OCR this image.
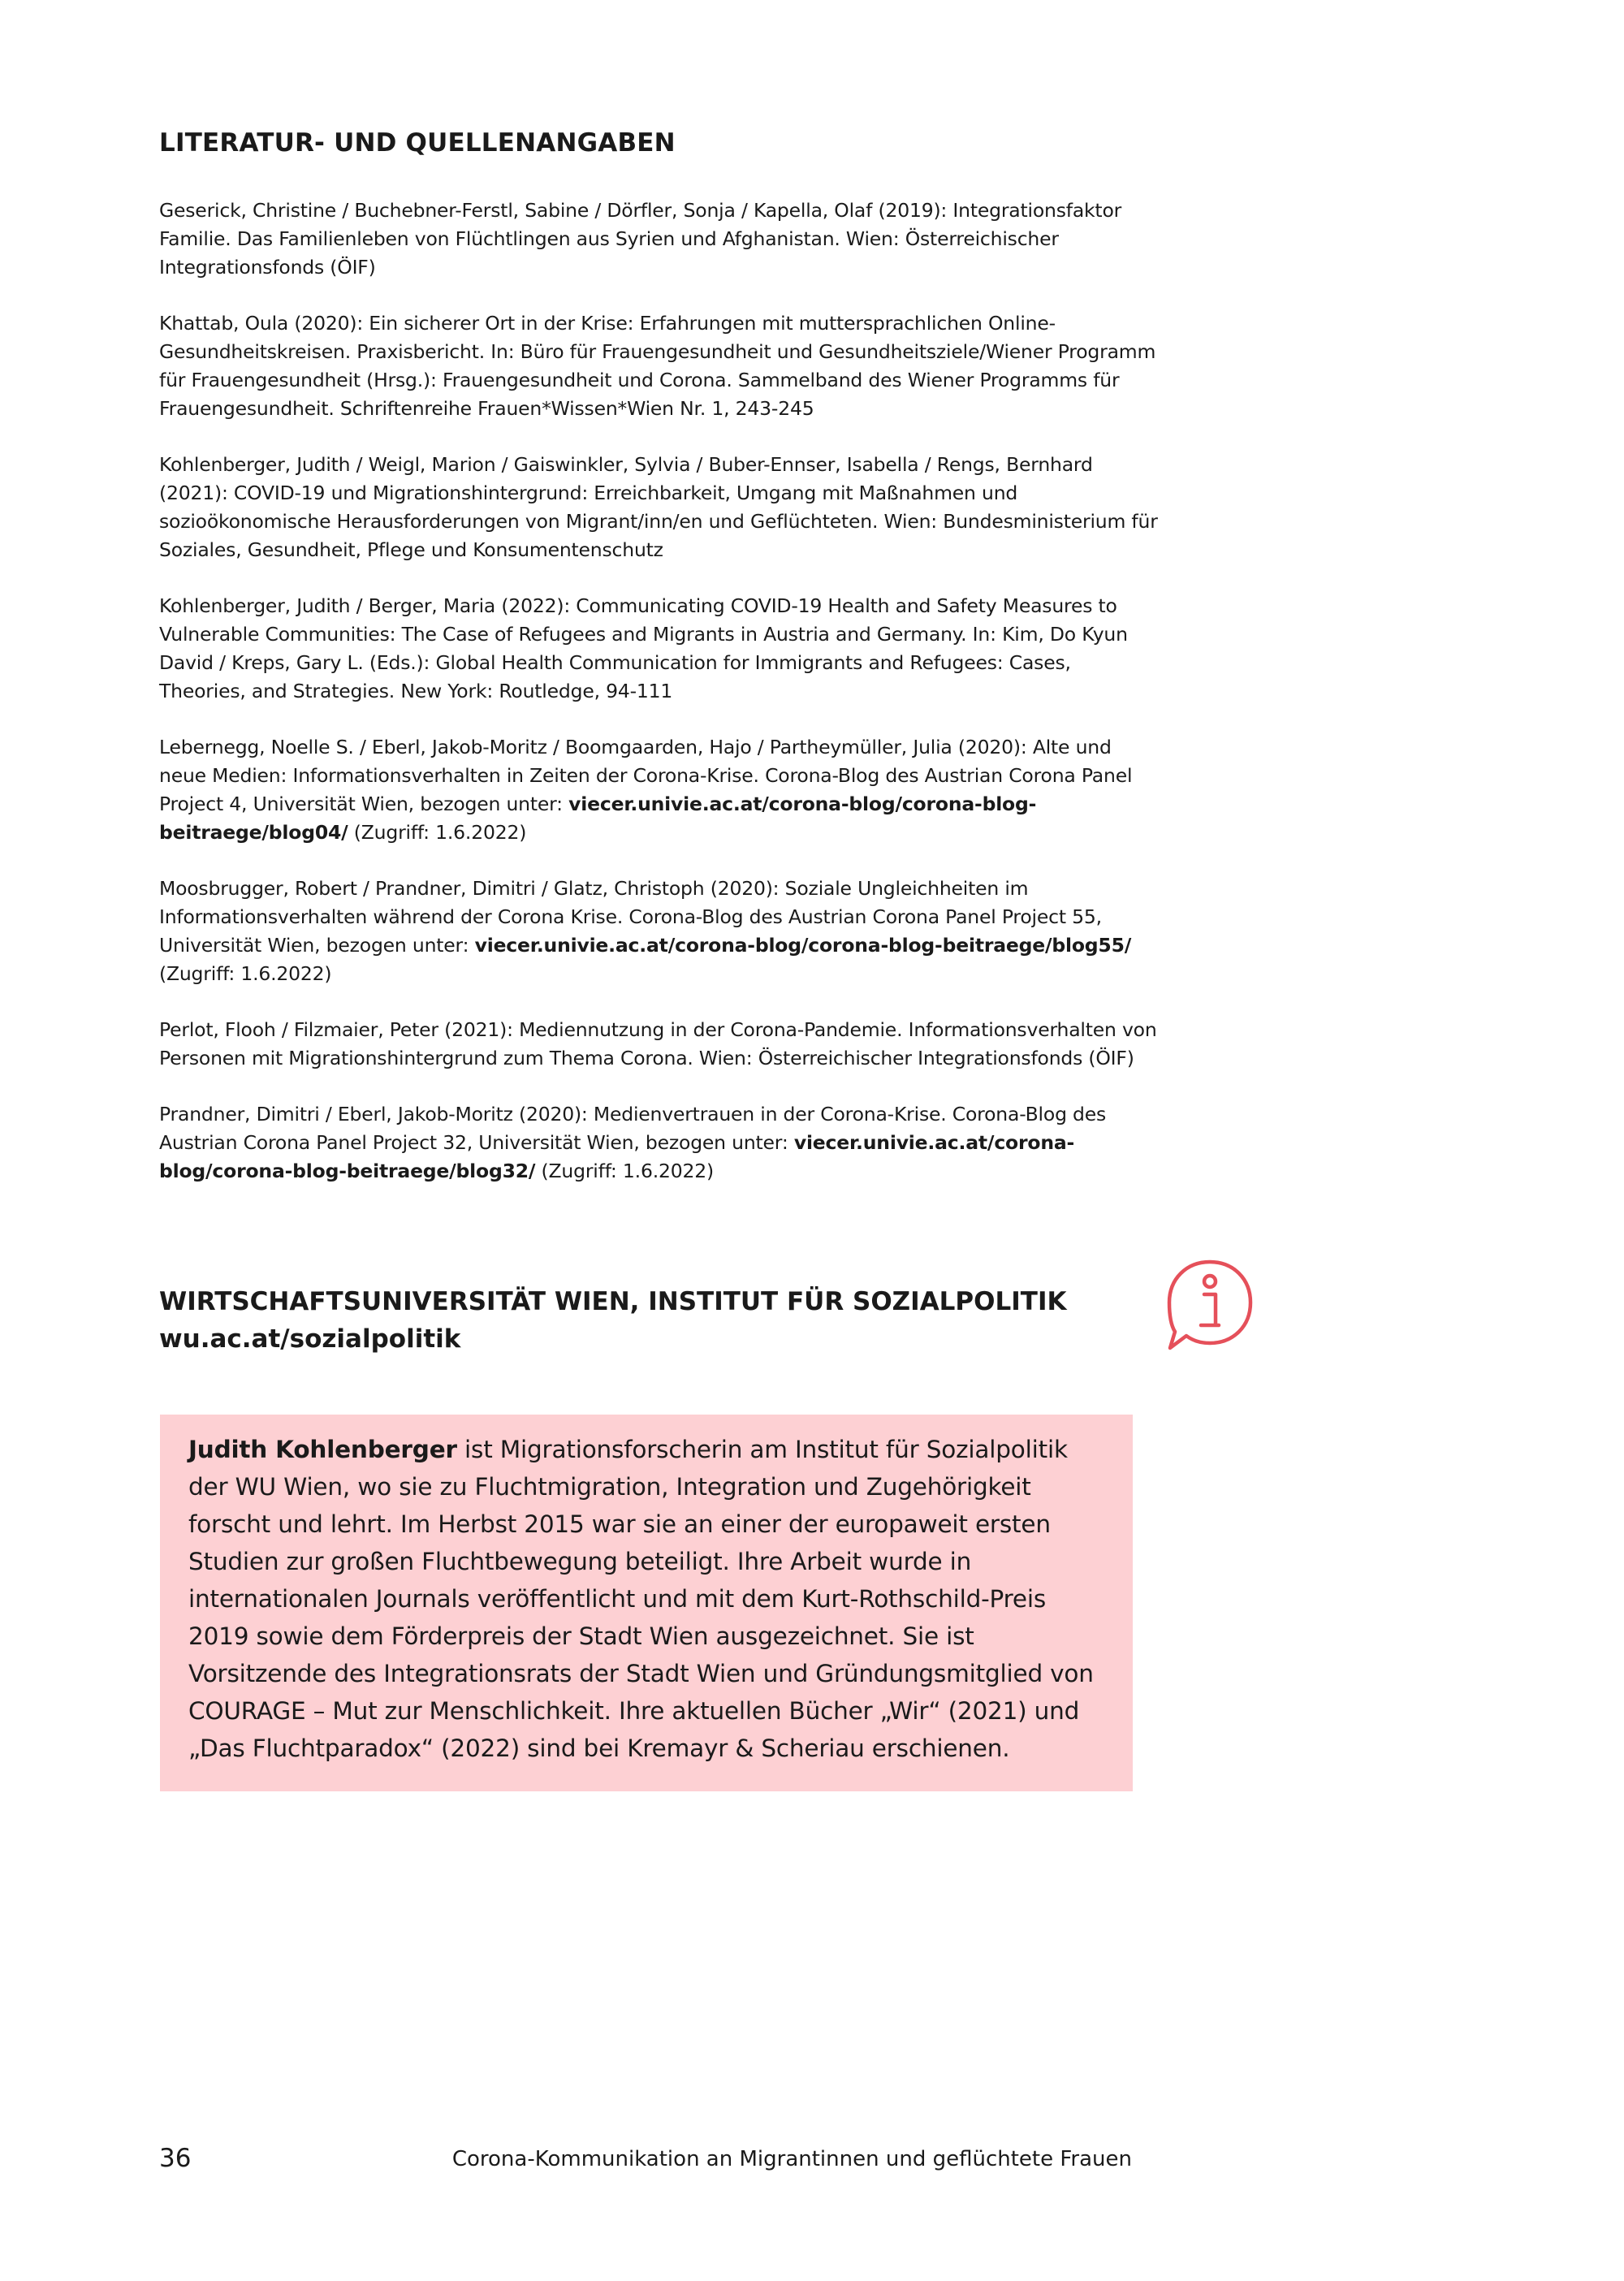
LITERATUR- UND QUELLENANGABEN
Geserick, Christine / Buchebner-Ferstl, Sabine / Dörfler, Sonja / Kapella, Olaf (2019): Integrationsfaktor Familie. Das Familienleben von Flüchtlingen aus Syrien und Afghanistan. Wien: Österreichischer Integrationsfonds (ÖIF)
Khattab, Oula (2020): Ein sicherer Ort in der Krise: Erfahrungen mit muttersprachlichen Online-Gesundheitskreisen. Praxisbericht. In: Büro für Frauengesundheit und Gesundheitsziele/Wiener Programm für Frauengesundheit (Hrsg.): Frauengesundheit und Corona. Sammelband des Wiener Programms für Frauengesundheit. Schriftenreihe Frauen*Wissen*Wien Nr. 1, 243-245
Kohlenberger, Judith / Weigl, Marion / Gaiswinkler, Sylvia / Buber-Ennser, Isabella / Rengs, Bernhard (2021): COVID-19 und Migrationshintergrund: Erreichbarkeit, Umgang mit Maßnahmen und sozioökonomische Herausforderungen von Migrant/inn/en und Geflüchteten. Wien: Bundesministerium für Soziales, Gesundheit, Pflege und Konsumentenschutz
Kohlenberger, Judith / Berger, Maria (2022): Communicating COVID-19 Health and Safety Measures to Vulnerable Communities: The Case of Refugees and Migrants in Austria and Germany. In: Kim, Do Kyun David / Kreps, Gary L. (Eds.): Global Health Communication for Immigrants and Refugees: Cases, Theories, and Strategies. New York: Routledge, 94-111
Lebernegg, Noelle S. / Eberl, Jakob-Moritz / Boomgaarden, Hajo / Partheymüller, Julia (2020): Alte und neue Medien: Informationsverhalten in Zeiten der Corona-Krise. Corona-Blog des Austrian Corona Panel Project 4, Universität Wien, bezogen unter: viecer.univie.ac.at/corona-blog/corona-blog-beitraege/blog04/ (Zugriff: 1.6.2022)
Moosbrugger, Robert / Prandner, Dimitri / Glatz, Christoph (2020): Soziale Ungleichheiten im Informationsverhalten während der Corona Krise. Corona-Blog des Austrian Corona Panel Project 55, Universität Wien, bezogen unter: viecer.univie.ac.at/corona-blog/corona-blog-beitraege/blog55/ (Zugriff: 1.6.2022)
Perlot, Flooh / Filzmaier, Peter (2021): Mediennutzung in der Corona-Pandemie. Informationsverhalten von Personen mit Migrationshintergrund zum Thema Corona. Wien: Österreichischer Integrationsfonds (ÖIF)
Prandner, Dimitri / Eberl, Jakob-Moritz (2020): Medienvertrauen in der Corona-Krise. Corona-Blog des Austrian Corona Panel Project 32, Universität Wien, bezogen unter: viecer.univie.ac.at/corona-blog/corona-blog-beitraege/blog32/ (Zugriff: 1.6.2022)
WIRTSCHAFTSUNIVERSITÄT WIEN, INSTITUT FÜR SOZIALPOLITIK
wu.ac.at/sozialpolitik

Judith Kohlenberger ist Migrationsforscherin am Institut für Sozialpolitik der WU Wien, wo sie zu Fluchtmigration, Integration und Zugehörigkeit forscht und lehrt. Im Herbst 2015 war sie an einer der europaweit ersten Studien zur großen Fluchtbewegung beteiligt. Ihre Arbeit wurde in internationalen Journals veröffentlicht und mit dem Kurt-Rothschild-Preis 2019 sowie dem Förderpreis der Stadt Wien ausgezeichnet. Sie ist Vorsitzende des Integrationsrats der Stadt Wien und Gründungsmitglied von COURAGE – Mut zur Menschlichkeit. Ihre aktuellen Bücher „Wir“ (2021) und „Das Fluchtparadox“ (2022) sind bei Kremayr & Scheriau erschienen.

36	Corona-Kommunikation an Migrantinnen und geflüchtete Frauen
